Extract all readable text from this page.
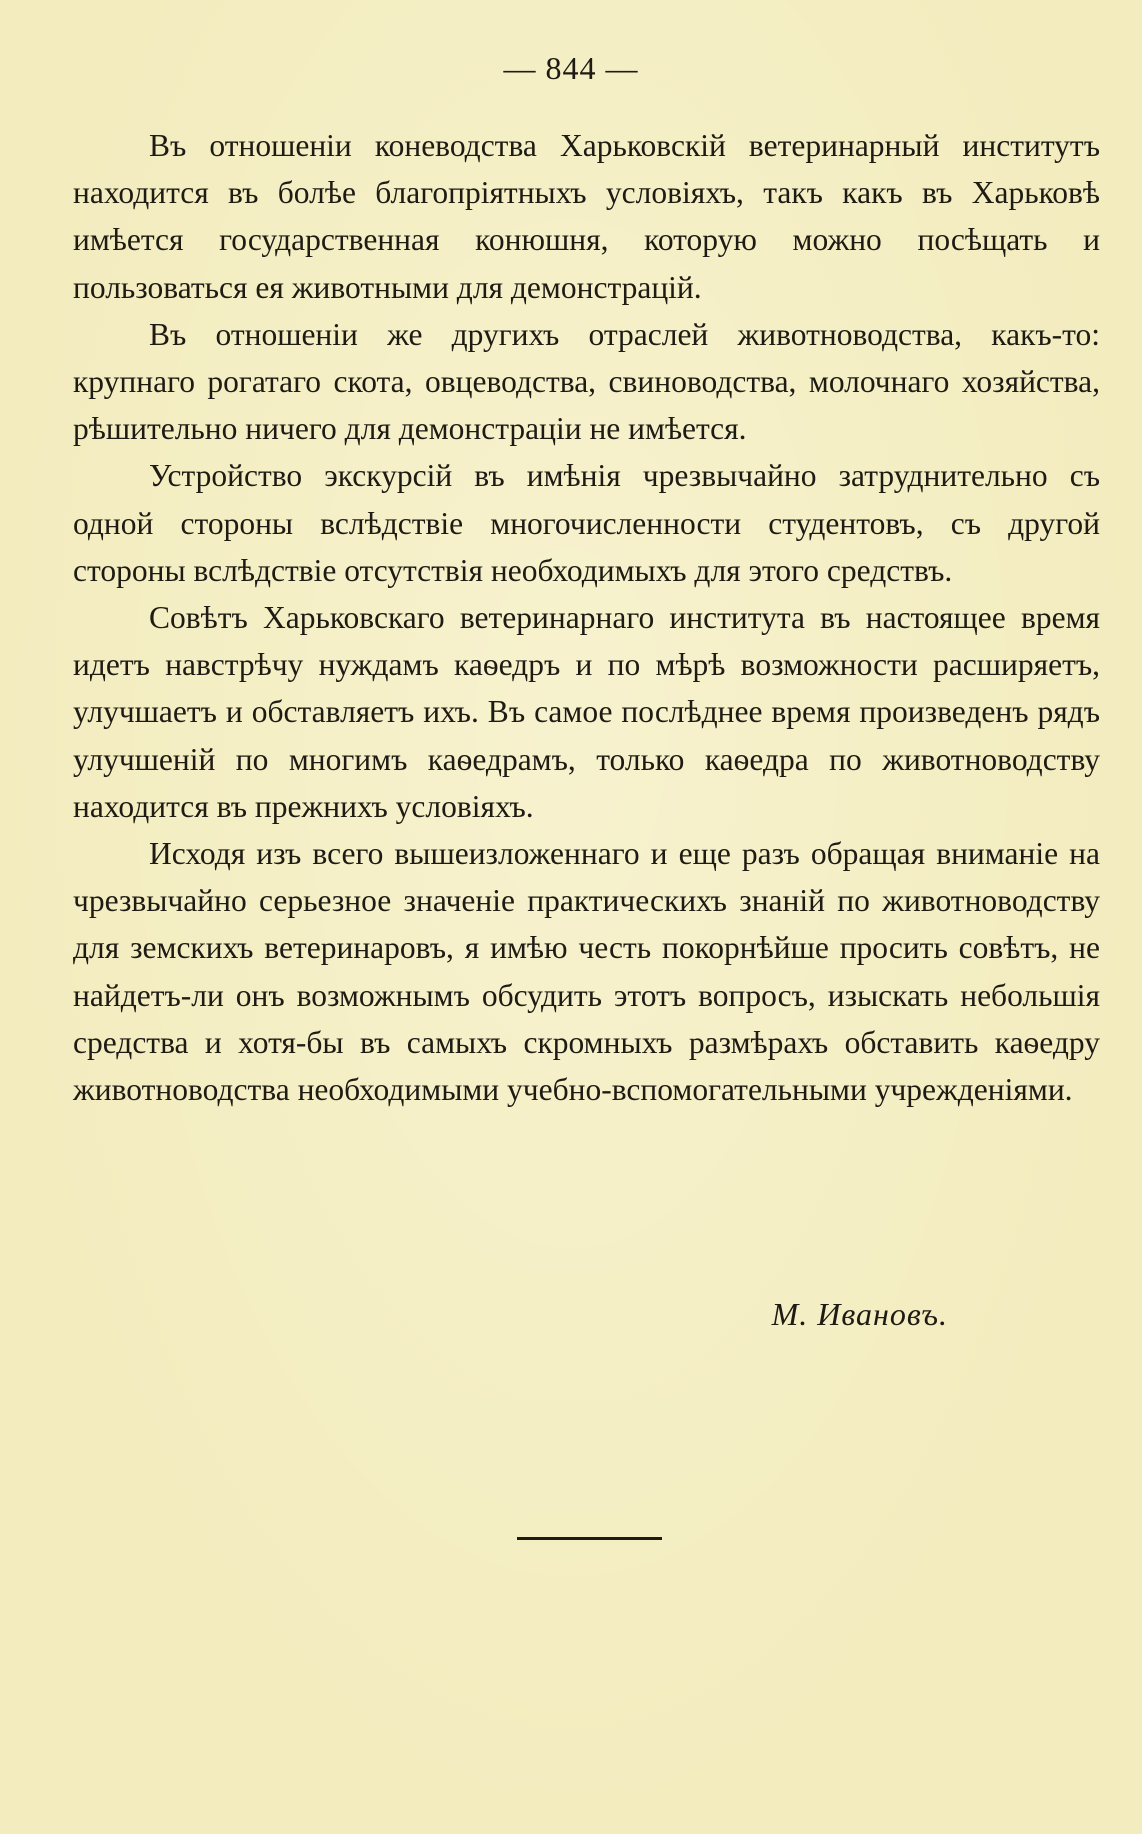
— 844 —

Въ отношеніи коневодства Харьковскій ветеринарный институтъ находится въ болѣе благопріятныхъ условіяхъ, такъ какъ въ Харьковѣ имѣется государственная конюшня, которую можно посѣщать и пользоваться ея животными для демонстрацій.

Въ отношеніи же другихъ отраслей животноводства, какъ-то: крупнаго рогатаго скота, овцеводства, свиноводства, молочнаго хозяйства, рѣшительно ничего для демонстраціи не имѣется.

Устройство экскурсій въ имѣнія чрезвычайно затруднительно съ одной стороны вслѣдствіе многочисленности студентовъ, съ другой стороны вслѣдствіе отсутствія необходимыхъ для этого средствъ.

Совѣтъ Харьковскаго ветеринарнаго института въ настоящее время идетъ навстрѣчу нуждамъ каѳедръ и по мѣрѣ возможности расширяетъ, улучшаетъ и обставляетъ ихъ. Въ самое послѣднее время произведенъ рядъ улучшеній по многимъ каѳедрамъ, только каѳедра по животноводству находится въ прежнихъ условіяхъ.

Исходя изъ всего вышеизложеннаго и еще разъ обращая вниманіе на чрезвычайно серьезное значеніе практическихъ знаній по животноводству для земскихъ ветеринаровъ, я имѣю честь покорнѣйше просить совѣтъ, не найдетъ-ли онъ возможнымъ обсудить этотъ вопросъ, изыскать небольшія средства и хотя-бы въ самыхъ скромныхъ размѣрахъ обставить каѳедру животноводства необходимыми учебно-вспомогательными учрежденіями.

М. Ивановъ.
